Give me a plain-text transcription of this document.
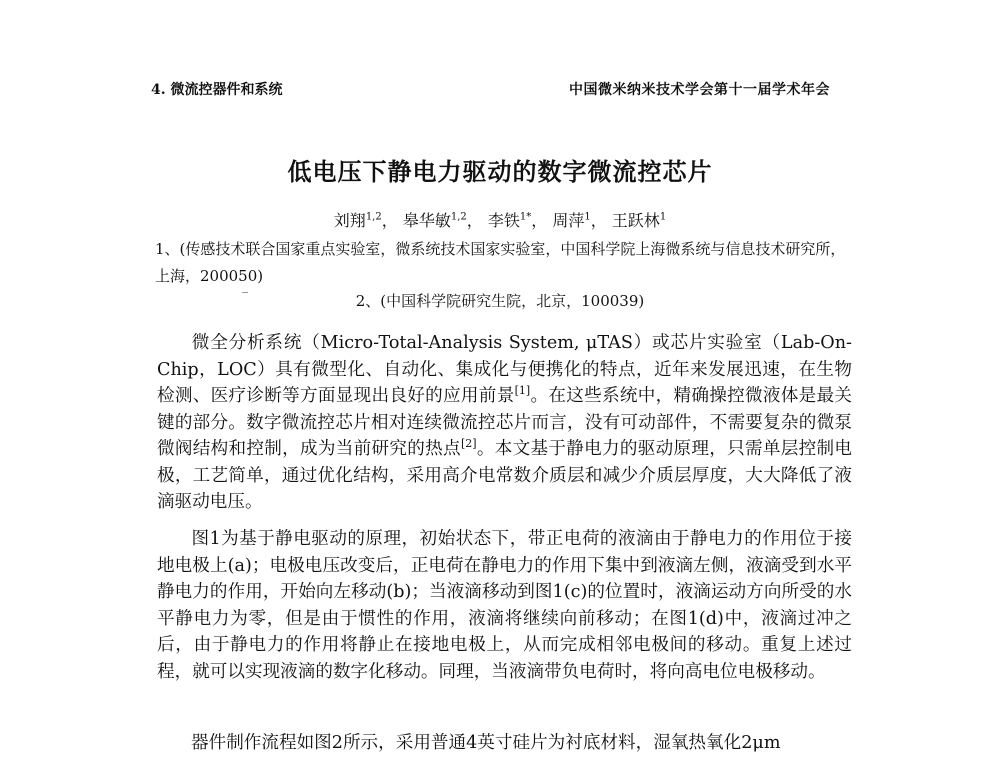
4. 微流控器件和系统	中国微米纳米技术学会第十一届学术年会
低电压下静电力驱动的数字微流控芯片
刘翔$^{1,2}$， 皋华敏$^{1,2}$， 李铁$^{1*}$， 周萍$^1$， 王跃林$^1$
1、(传感技术联合国家重点实验室，微系统技术国家实验室，中国科学院上海微系统与信息技术研究所，上海，200050)
2、(中国科学院研究生院，北京，100039)

微全分析系统（Micro-Total-Analysis System, μTAS）或芯片实验室（Lab-On-Chip，LOC）具有微型化、自动化、集成化与便携化的特点，近年来发展迅速，在生物检测、医疗诊断等方面显现出良好的应用前景[1]。在这些系统中，精确操控微液体是最关键的部分。数字微流控芯片相对连续微流控芯片而言，没有可动部件，不需要复杂的微泵微阀结构和控制，成为当前研究的热点[2]。本文基于静电力的驱动原理，只需单层控制电极，工艺简单，通过优化结构，采用高介电常数介质层和减少介质层厚度，大大降低了液滴驱动电压。

图1为基于静电驱动的原理，初始状态下，带正电荷的液滴由于静电力的作用位于接地电极上(a)；电极电压改变后，正电荷在静电力的作用下集中到液滴左侧，液滴受到水平静电力的作用，开始向左移动(b)；当液滴移动到图1(c)的位置时，液滴运动方向所受的水平静电力为零，但是由于惯性的作用，液滴将继续向前移动；在图1(d)中，液滴过冲之后，由于静电力的作用将静止在接地电极上，从而完成相邻电极间的移动。重复上述过程，就可以实现液滴的数字化移动。同理，当液滴带负电荷时，将向高电位电极移动。

器件制作流程如图2所示，采用普通4英寸硅片为衬底材料，湿氧热氧化2μm
